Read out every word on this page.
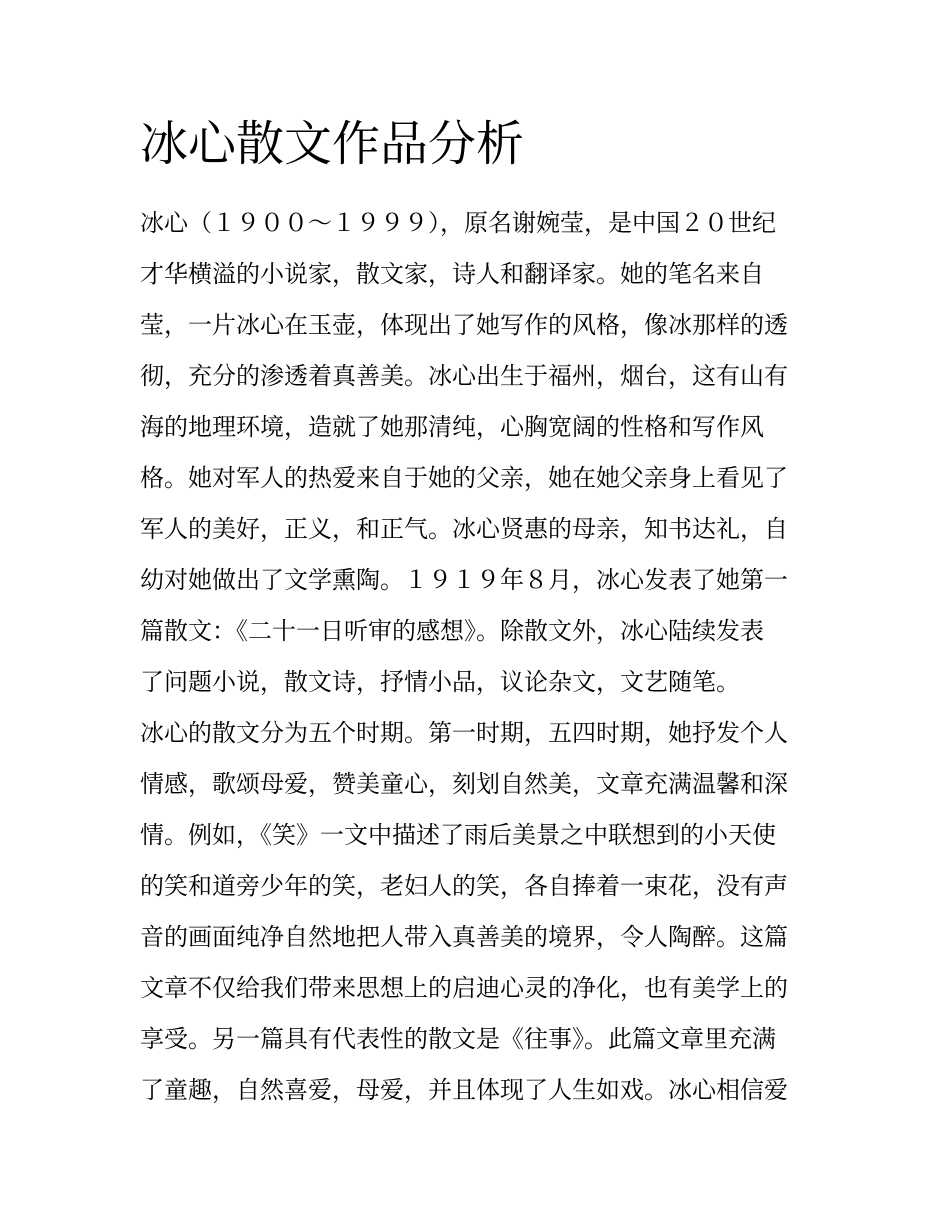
冰心散文作品分析
冰心（１９００～１９９９），原名谢婉莹，是中国２０世纪
才华横溢的小说家，散文家，诗人和翻译家。她的笔名来自
莹，一片冰心在玉壶，体现出了她写作的风格，像冰那样的透
彻，充分的渗透着真善美。冰心出生于福州，烟台，这有山有
海的地理环境，造就了她那清纯，心胸宽阔的性格和写作风
格。她对军人的热爱来自于她的父亲，她在她父亲身上看见了
军人的美好，正义，和正气。冰心贤惠的母亲，知书达礼，自
幼对她做出了文学熏陶。１９１９年８月，冰心发表了她第一
篇散文：《二十一日听审的感想》。除散文外，冰心陆续发表
了问题小说，散文诗，抒情小品，议论杂文，文艺随笔。
冰心的散文分为五个时期。第一时期，五四时期，她抒发个人
情感，歌颂母爱，赞美童心，刻划自然美，文章充满温馨和深
情。例如，《笑》一文中描述了雨后美景之中联想到的小天使
的笑和道旁少年的笑，老妇人的笑，各自捧着一束花，没有声
音的画面纯净自然地把人带入真善美的境界，令人陶醉。这篇
文章不仅给我们带来思想上的启迪心灵的净化，也有美学上的
享受。另一篇具有代表性的散文是《往事》。此篇文章里充满
了童趣，自然喜爱，母爱，并且体现了人生如戏。冰心相信爱
